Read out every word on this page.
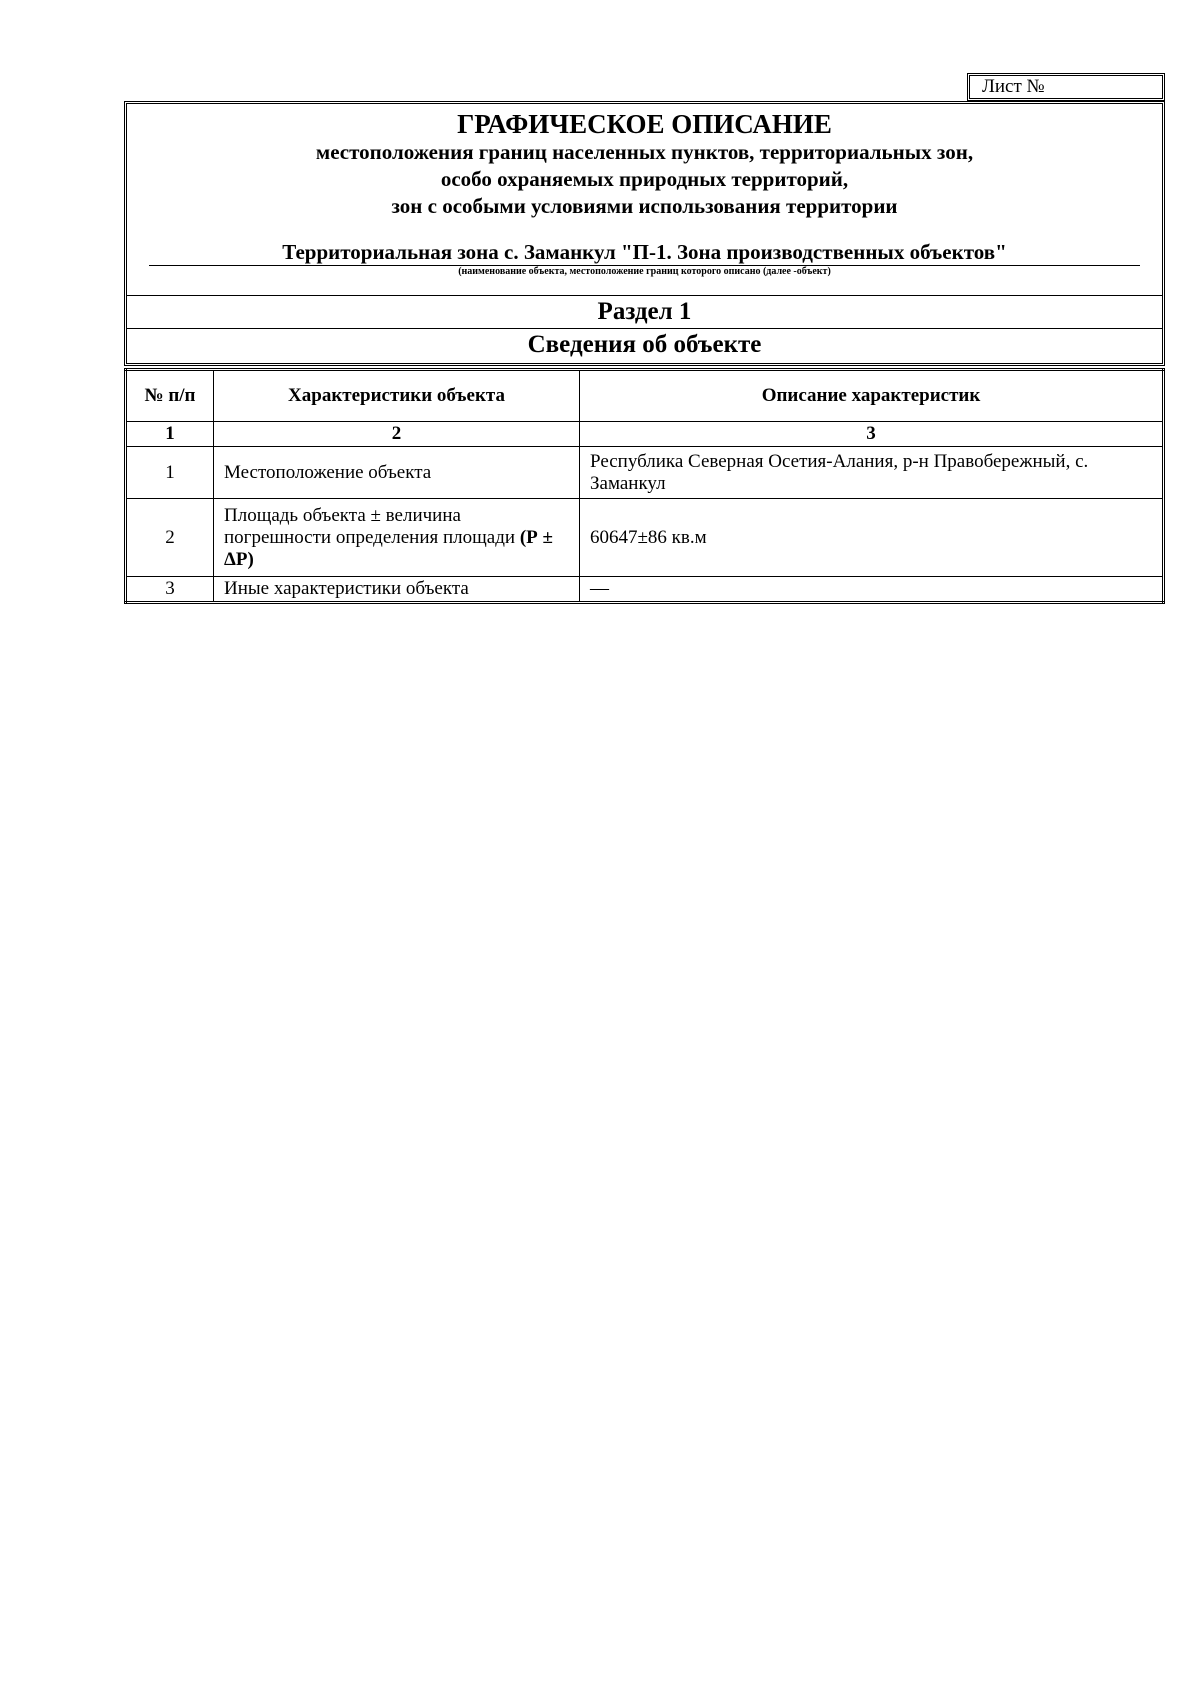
Лист №
ГРАФИЧЕСКОЕ ОПИСАНИЕ
местоположения границ населенных пунктов, территориальных зон,
особо охраняемых природных территорий,
зон с особыми условиями использования территории
Территориальная зона с. Заманкул "П-1. Зона производственных объектов"
(наименование объекта, местоположение границ которого описано (далее -объект)
Раздел 1
Сведения об объекте
№ п/п	Характеристики объекта	Описание характеристик
1	2	3
1	Местоположение объекта	Республика Северная Осетия-Алания, р-н Правобережный, с. Заманкул
2	Площадь объекта ± величина погрешности определения площади (Р ± ΔР)	60647±86 кв.м
3	Иные характеристики объекта	—
